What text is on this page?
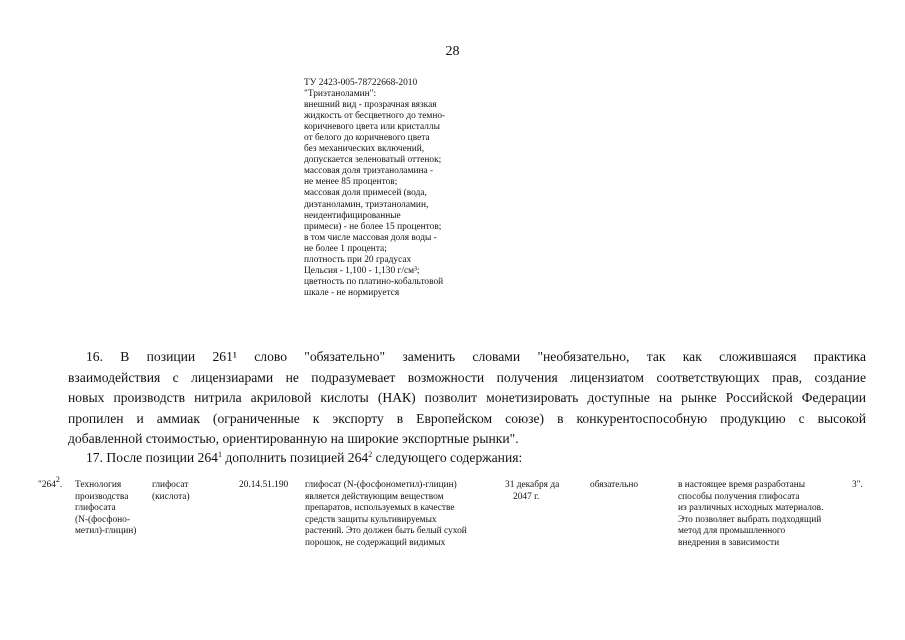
28
ТУ 2423-005-78722668-2010
"Триэтаноламин":
внешний вид - прозрачная вязкая
жидкость от бесцветного до темно-
коричневого цвета или кристаллы
от белого до коричневого цвета
без механических включений,
допускается зеленоватый оттенок;
массовая доля триэтаноламина -
не менее 85 процентов;
массовая доля примесей (вода,
диэтаноламин, триэтаноламин,
неидентифицированные
примеси) - не более 15 процентов;
в том числе массовая доля воды -
не более 1 процента;
плотность при 20 градусах
Цельсия - 1,100 - 1,130 г/см³;
цветность по платино-кобальтовой
шкале - не нормируется
16. В позиции 261¹ слово "обязательно" заменить словами "необязательно, так как сложившаяся практика
взаимодействия с лицензиарами не подразумевает возможности получения лицензиатом соответствующих прав, создание
новых производств нитрила акриловой кислоты (НАК) позволит монетизировать доступные на рынке Российской Федерации
пропилен и аммиак (ограниченные к экспорту в Европейском союзе) в конкурентоспособную продукцию с высокой
добавленной стоимостью, ориентированную на широкие экспортные рынки".
17. После позиции $264^1$ дополнить позицией $264^2$ следующего содержания:
"$264^2$. Технология
производства
глифосата
(N-(фосфоно-
метил)-глицин)
глифосат
(кислота)
20.14.51.190 глифосат (N-(фосфонометил)-глицин)
является действующим веществом
препаратов, используемых в качестве
средств защиты культивируемых
растений. Это должен быть белый сухой
порошок, не содержащий видимых
31 декабря да
2047 г.
обязательно	в настоящее время разработаны
способы получения глифосата
из различных исходных материалов.
Это позволяет выбрать подходящий
метод для промышленного
внедрения в зависимости
3".
